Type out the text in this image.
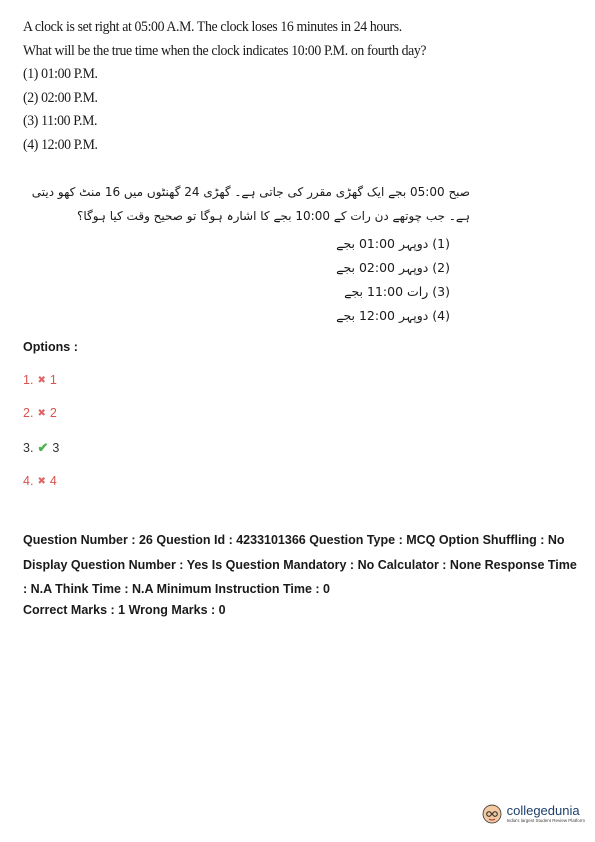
A clock is set right at 05:00 A.M. The clock loses 16 minutes in 24 hours. What will be the true time when the clock indicates 10:00 P.M. on fourth day?
(1) 01:00 P.M.
(2) 02:00 P.M.
(3) 11:00 P.M.
(4) 12:00 P.M.
صبح 05:00 بجے ایک گھڑی مقرر کی جاتی ہے۔ گھڑی 24 گھنٹوں میں 16 منٹ کھو دیتی ہے۔ جب چوتھے دن رات کے 10:00 بجے کا اشارہ ہوگا تو صحیح وقت کیا ہوگا؟
(1) دوپہر 01:00 بجے
(2) دوپہر 02:00 بجے
(3) رات 11:00 بجے
(4) دوپہر 12:00 بجے
Options :
1. ✖ 1
2. ✖ 2
3. ✔ 3
4. ✖ 4

Question Number : 26 Question Id : 4233101366 Question Type : MCQ Option Shuffling : No Display Question Number : Yes Is Question Mandatory : No Calculator : None Response Time : N.A Think Time : N.A Minimum Instruction Time : 0

Correct Marks : 1 Wrong Marks : 0
collegedunia
India's largest Student Review Platform
